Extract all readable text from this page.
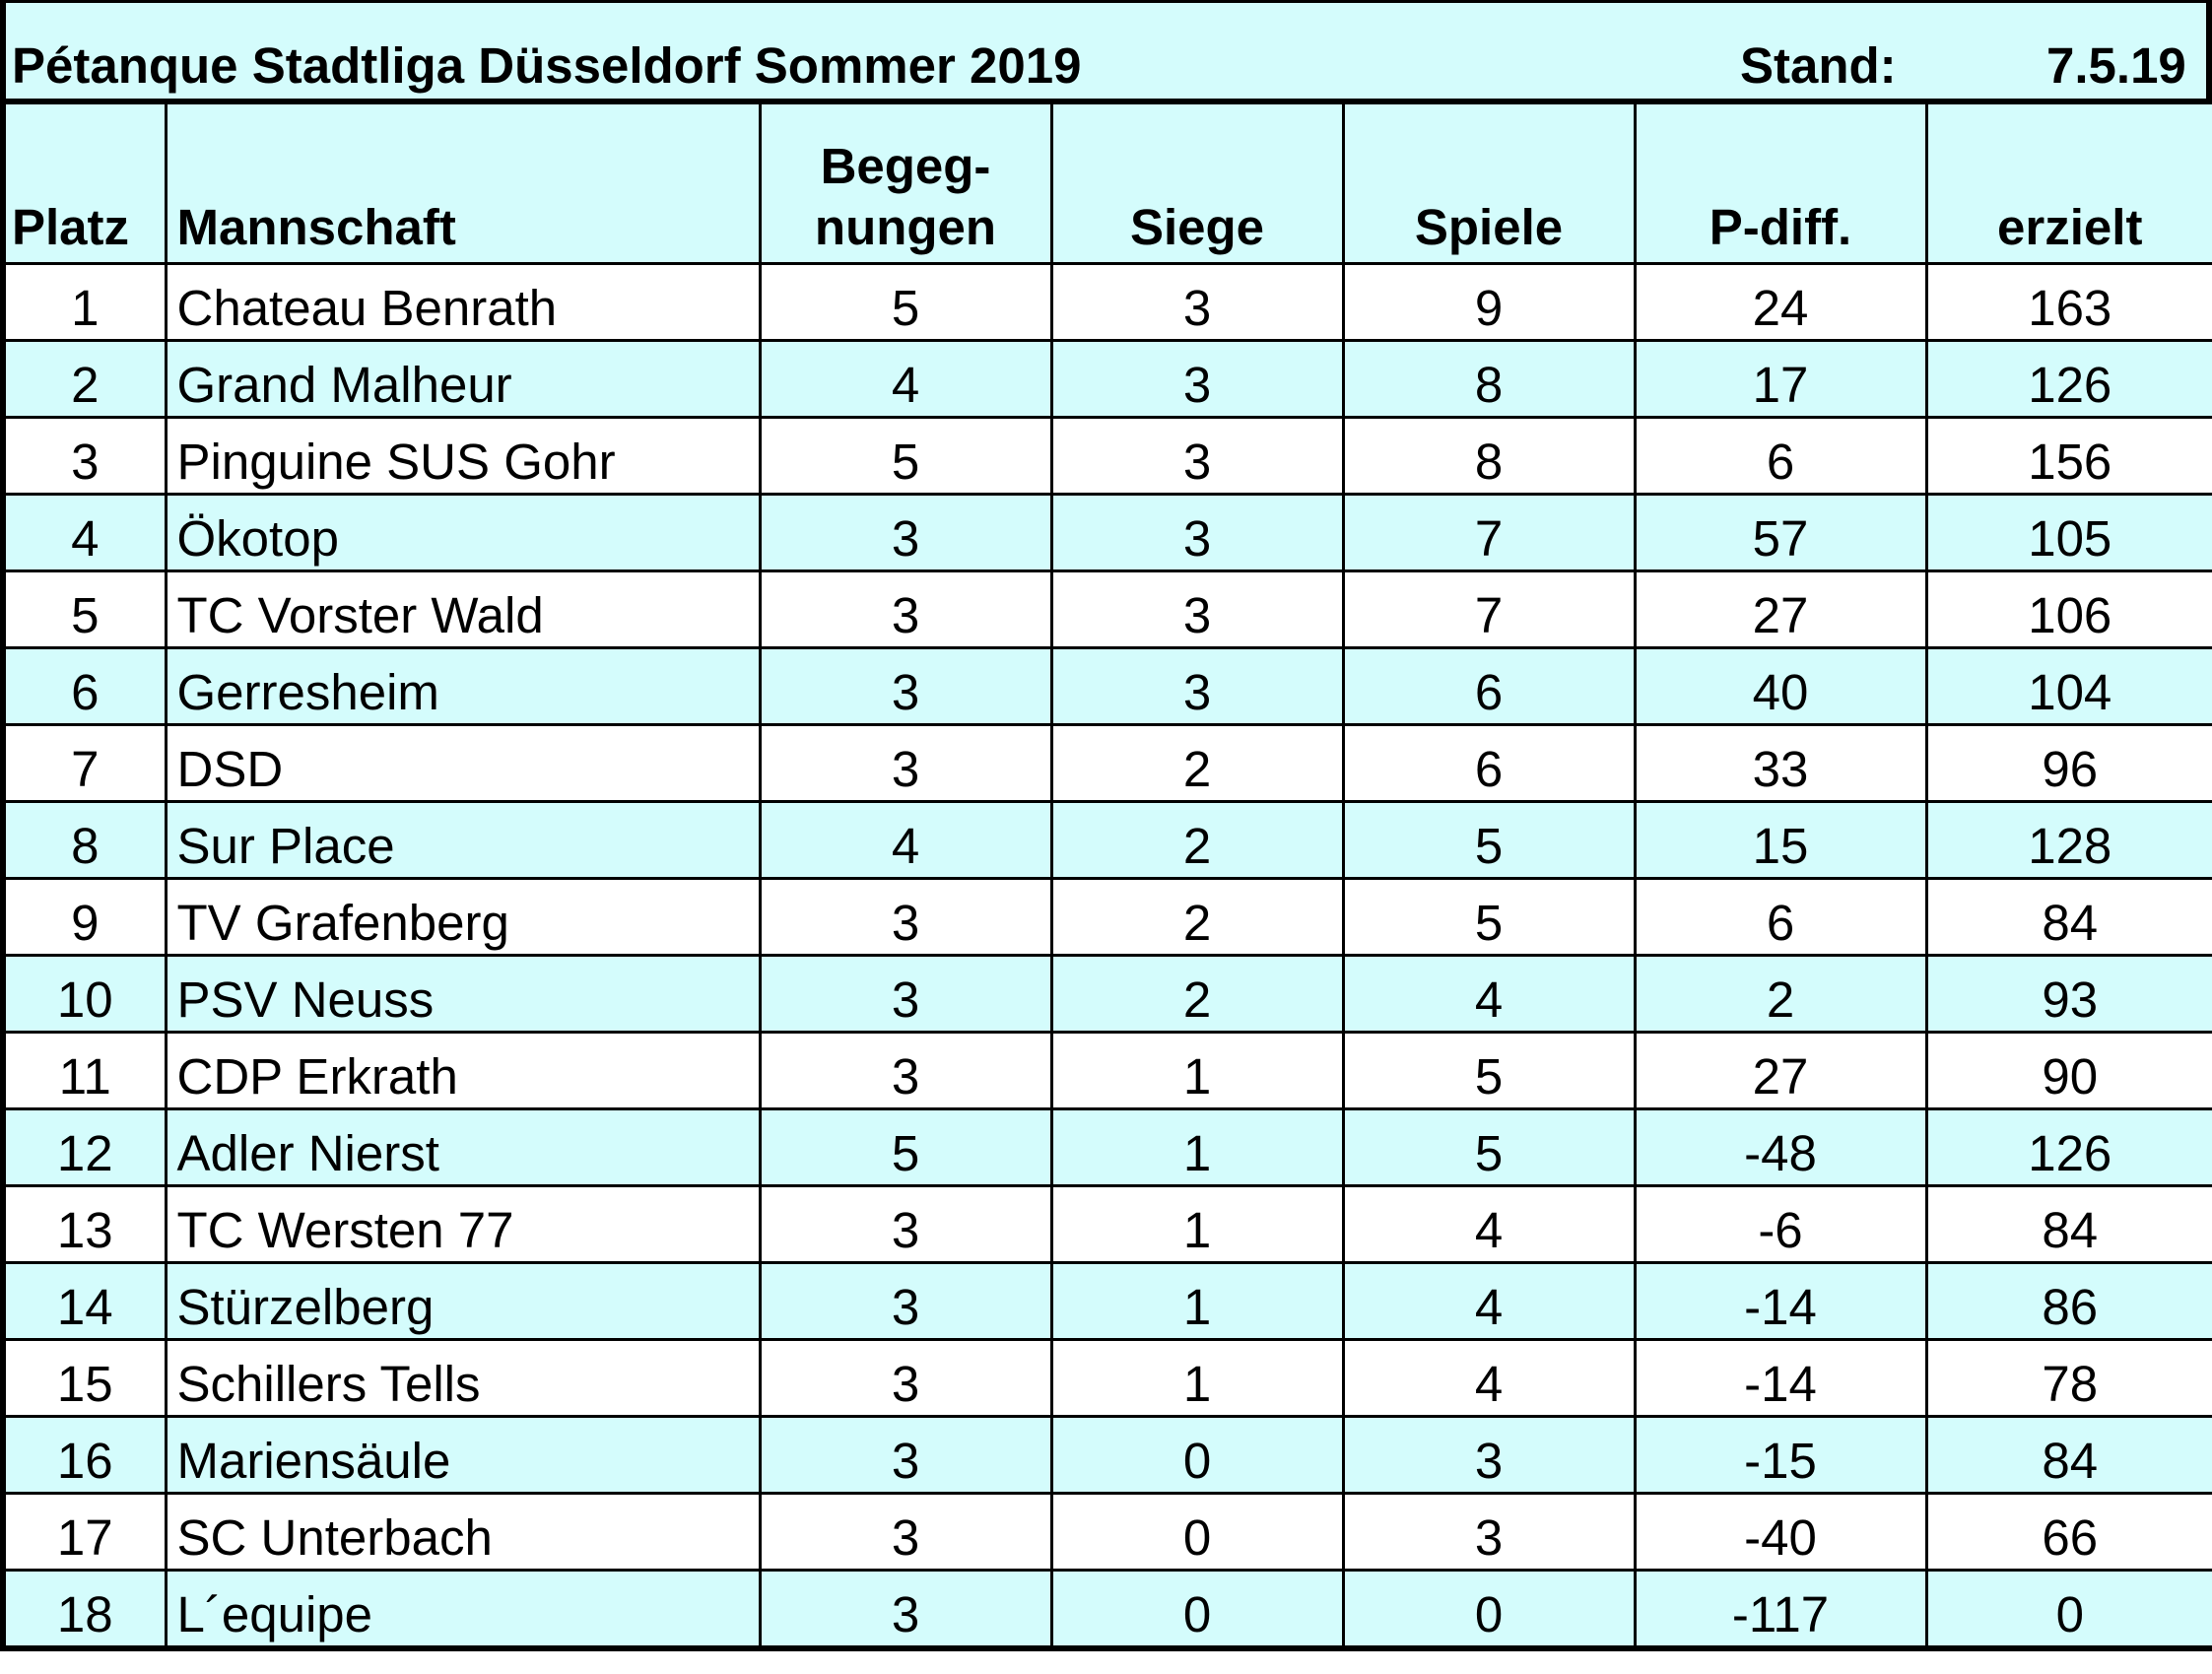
Pétanque Stadtliga Düsseldorf Sommer 2019	Stand:	7.5.19
Platz	Mannschaft	Begeg- nungen	Siege	Spiele	P-diff.	erzielt
1	Chateau Benrath	5	3	9	24	163
2	Grand Malheur	4	3	8	17	126
3	Pinguine SUS Gohr	5	3	8	6	156
4	Ökotop	3	3	7	57	105
5	TC Vorster Wald	3	3	7	27	106
6	Gerresheim	3	3	6	40	104
7	DSD	3	2	6	33	96
8	Sur Place	4	2	5	15	128
9	TV Grafenberg	3	2	5	6	84
10	PSV Neuss	3	2	4	2	93
11	CDP Erkrath	3	1	5	27	90
12	Adler Nierst	5	1	5	-48	126
13	TC Wersten 77	3	1	4	-6	84
14	Stürzelberg	3	1	4	-14	86
15	Schillers Tells	3	1	4	-14	78
16	Mariensäule	3	0	3	-15	84
17	SC Unterbach	3	0	3	-40	66
18	L´equipe	3	0	0	-117	0
